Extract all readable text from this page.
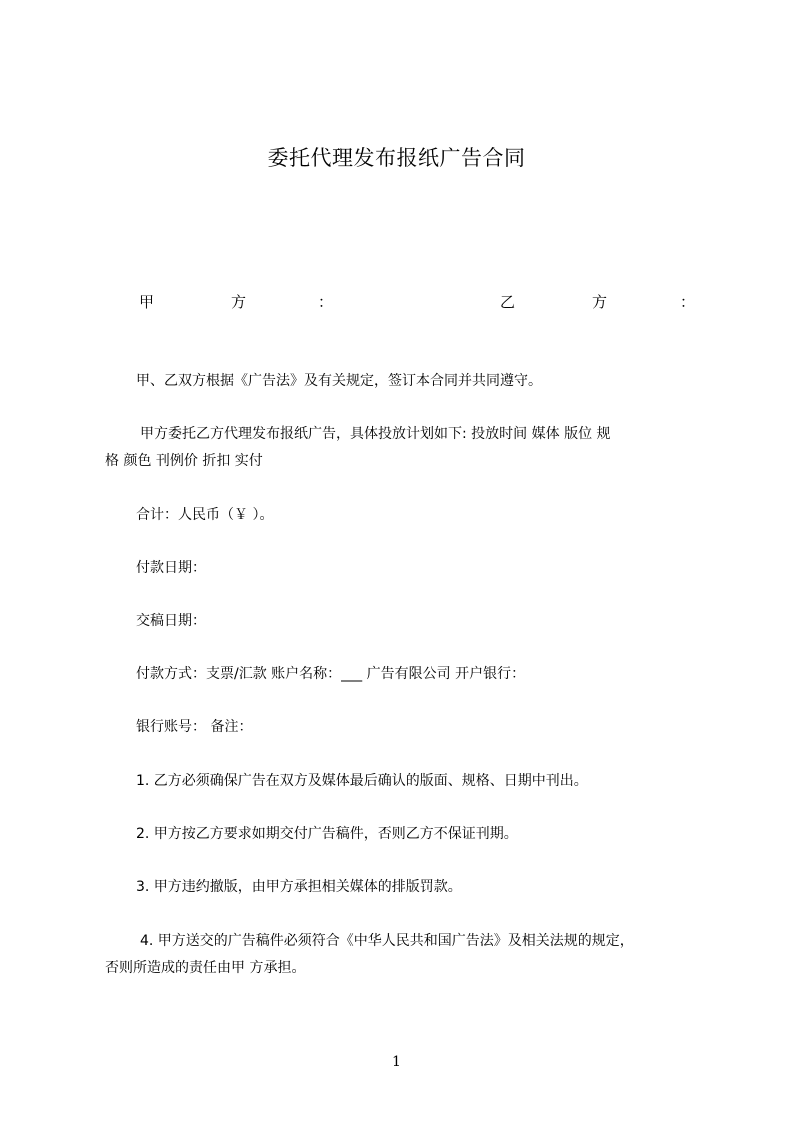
委托代理发布报纸广告合同
甲	方	：	乙	方	：
甲、乙双方根据《广告法》及有关规定，签订本合同并共同遵守。
甲方委托乙方代理发布报纸广告，具体投放计划如下: 投放时间 媒体 版位 规
格 颜色 刊例价 折扣 实付
合计：人民币（￥ ）。
付款日期：
交稿日期：
付款方式：支票/汇款 账户名称：___ 广告有限公司 开户银行：
银行账号： 备注：
1. 乙方必须确保广告在双方及媒体最后确认的版面、规格、日期中刊出。
2. 甲方按乙方要求如期交付广告稿件，否则乙方不保证刊期。
3. 甲方违约撤版，由甲方承担相关媒体的排版罚款。
4. 甲方送交的广告稿件必须符合《中华人民共和国广告法》及相关法规的规定，
否则所造成的责任由甲 方承担。
1
